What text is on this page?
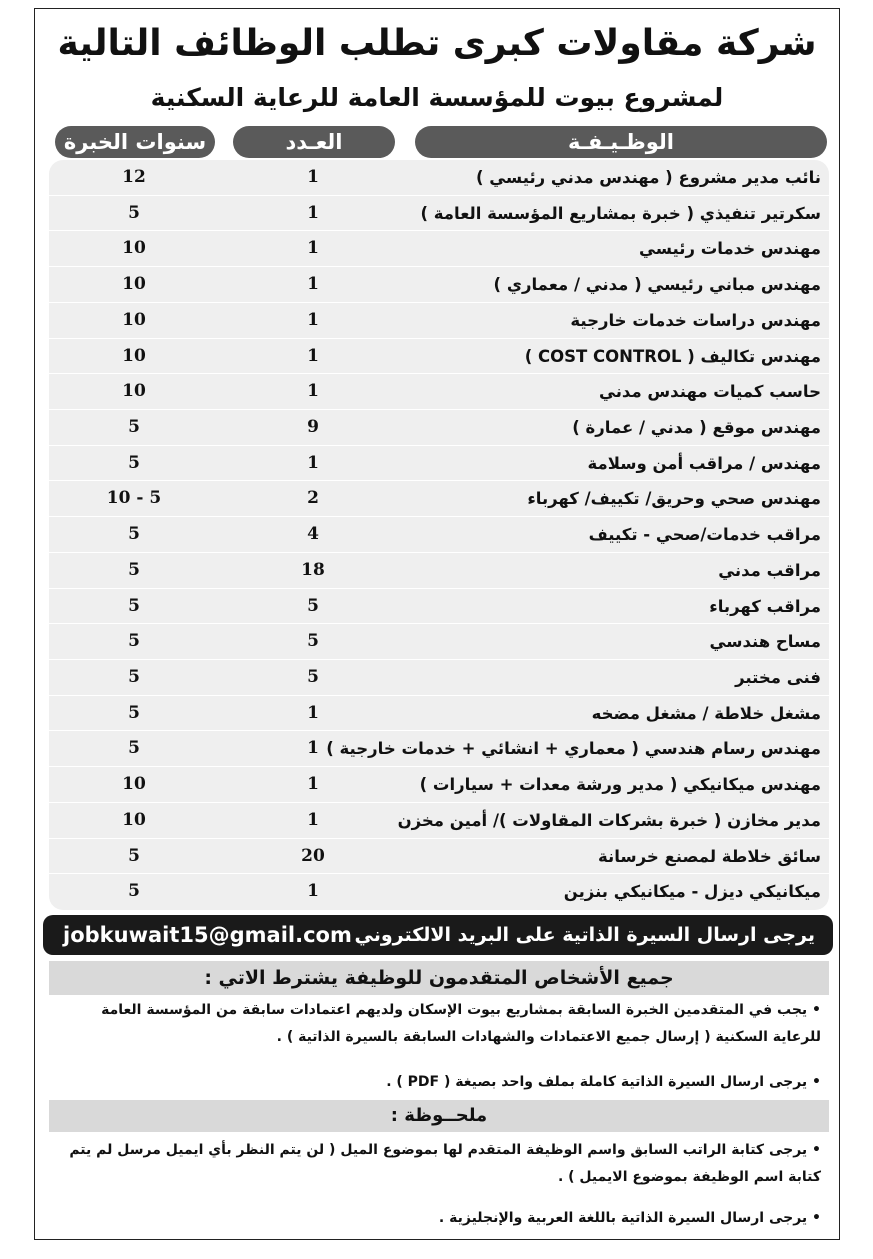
شركة مقاولات كبرى تطلب الوظائف التالية
لمشروع بيوت للمؤسسة العامة للرعاية السكنية
الوظـيـفـة
العـدد
سنوات الخبرة
نائب مدير مشروع ( مهندس مدني رئيسي )
1
12
سكرتير تنفيذي ( خبرة بمشاريع المؤسسة العامة )
1
5
مهندس خدمات رئيسي
1
10
مهندس مباني رئيسي ( مدني / معماري )
1
10
مهندس دراسات خدمات خارجية
1
10
مهندس تكاليف ( COST CONTROL )
1
10
حاسب كميات مهندس مدني
1
10
مهندس موقع ( مدني / عمارة )
9
5
مهندس / مراقب أمن وسلامة
1
5
مهندس صحي وحريق/ تكييف/ كهرباء
2
10 - 5
مراقب خدمات/صحي - تكييف
4
5
مراقب مدني
18
5
مراقب كهرباء
5
5
مساح هندسي
5
5
فنى مختبر
5
5
مشغل خلاطة / مشغل مضخه
1
5
مهندس رسام هندسي ( معماري + انشائي + خدمات خارجية )
1
5
مهندس ميكانيكي ( مدير ورشة معدات + سيارات )
1
10
مدير مخازن ( خبرة بشركات المقاولات )/ أمين مخزن
1
10
سائق خلاطة لمصنع خرسانة
20
5
ميكانيكي ديزل - ميكانيكي بنزين
1
5
يرجى ارسال السيرة الذاتية على البريد الالكتروني
jobkuwait15@gmail.com
جميع الأشخاص المتقدمون للوظيفة يشترط الاتي :
• يجب في المتقدمين الخبرة السابقة بمشاريع بيوت الإسكان ولديهم اعتمادات سابقة من المؤسسة العامة للرعاية السكنية ( إرسال جميع الاعتمادات والشهادات السابقة بالسيرة الذاتية ) .
• يرجى ارسال السيرة الذاتية كاملة بملف واحد بصيغة ( PDF ) .
ملحــوظة :
• يرجى كتابة الراتب السابق واسم الوظيفة المتقدم لها بموضوع الميل ( لن يتم النظر بأي ايميل مرسل لم يتم كتابة اسم الوظيفة بموضوع الايميل ) .
• يرجى ارسال السيرة الذاتية باللغة العربية والإنجليزية .
